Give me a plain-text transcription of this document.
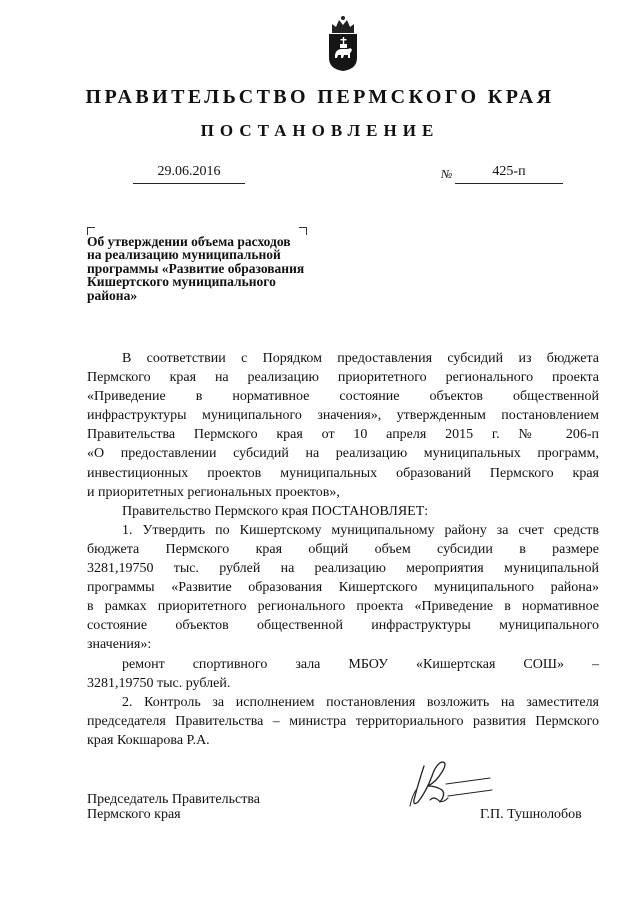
ПРАВИТЕЛЬСТВО ПЕРМСКОГО КРАЯ
ПОСТАНОВЛЕНИЕ
29.06.2016	№	425-п
Об утверждении объема расходов
на реализацию муниципальной
программы «Развитие образования
Кишертского муниципального
района»

В соответствии с Порядком предоставления субсидий из бюджета

Пермского края на реализацию приоритетного регионального проекта

«Приведение в нормативное состояние объектов общественной

инфраструктуры муниципального значения», утвержденным постановлением

Правительства Пермского края от 10 апреля 2015 г. № 206-п

«О предоставлении субсидий на реализацию муниципальных программ,

инвестиционных проектов муниципальных образований Пермского края

и приоритетных региональных проектов»,

Правительство Пермского края ПОСТАНОВЛЯЕТ:

1. Утвердить по Кишертскому муниципальному району за счет средств

бюджета Пермского края общий объем субсидии в размере

3281,19750 тыс. рублей на реализацию мероприятия муниципальной

программы «Развитие образования Кишертского муниципального района»

в рамках приоритетного регионального проекта «Приведение в нормативное

состояние объектов общественной инфраструктуры муниципального

значения»:

ремонт спортивного зала МБОУ «Кишертская СОШ» –

3281,19750 тыс. рублей.

2. Контроль за исполнением постановления возложить на заместителя

председателя Правительства – министра территориального развития Пермского

края Кокшарова Р.А.

Председатель Правительства
Пермского края	Г.П. Тушнолобов
